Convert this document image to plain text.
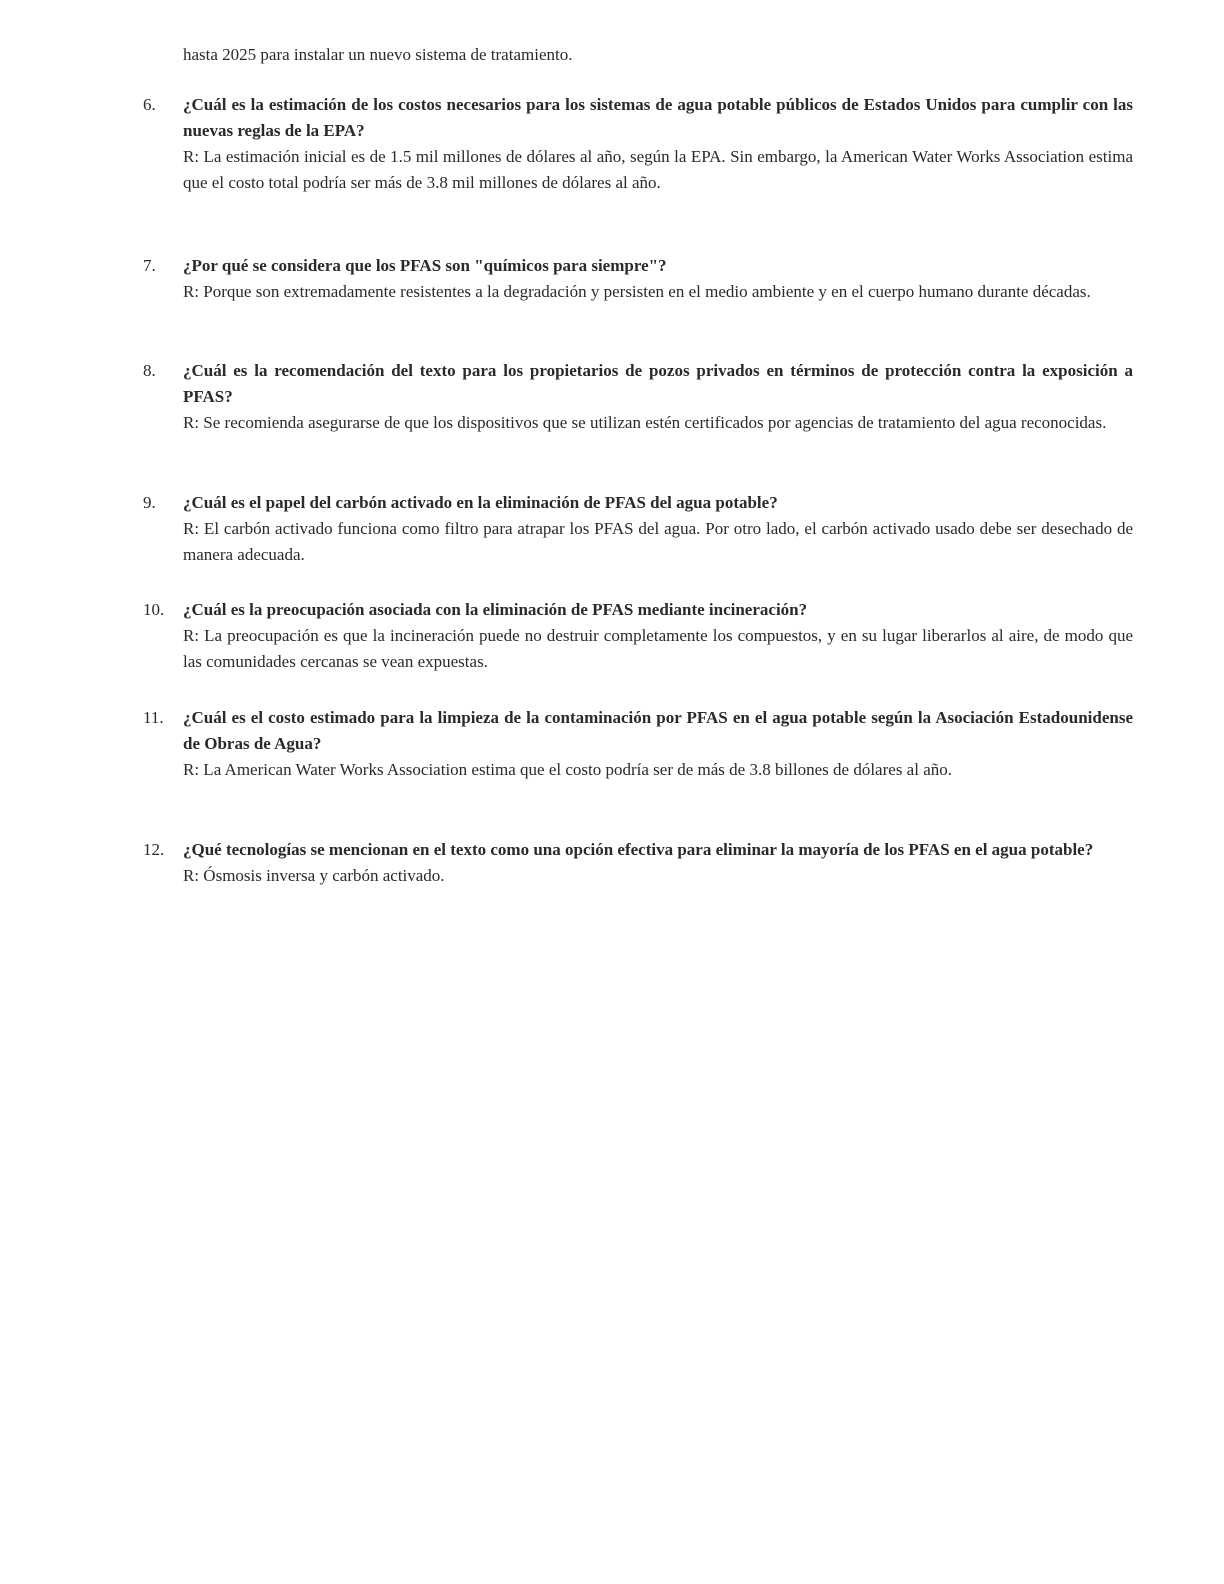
hasta 2025 para instalar un nuevo sistema de tratamiento.
6.	¿Cuál es la estimación de los costos necesarios para los sistemas de agua potable públicos de Estados Unidos para cumplir con las nuevas reglas de la EPA?
R: La estimación inicial es de 1.5 mil millones de dólares al año, según la EPA. Sin embargo, la American Water Works Association estima que el costo total podría ser más de 3.8 mil millones de dólares al año.
7.	¿Por qué se considera que los PFAS son "químicos para siempre"?
R: Porque son extremadamente resistentes a la degradación y persisten en el medio ambiente y en el cuerpo humano durante décadas.
8.	¿Cuál es la recomendación del texto para los propietarios de pozos privados en términos de protección contra la exposición a PFAS?
R: Se recomienda asegurarse de que los dispositivos que se utilizan estén certificados por agencias de tratamiento del agua reconocidas.
9.	¿Cuál es el papel del carbón activado en la eliminación de PFAS del agua potable?
R: El carbón activado funciona como filtro para atrapar los PFAS del agua. Por otro lado, el carbón activado usado debe ser desechado de manera adecuada.
10.	¿Cuál es la preocupación asociada con la eliminación de PFAS mediante incineración?
R: La preocupación es que la incineración puede no destruir completamente los compuestos, y en su lugar liberarlos al aire, de modo que las comunidades cercanas se vean expuestas.
11.	¿Cuál es el costo estimado para la limpieza de la contaminación por PFAS en el agua potable según la Asociación Estadounidense de Obras de Agua?
R: La American Water Works Association estima que el costo podría ser de más de 3.8 billones de dólares al año.
12.	¿Qué tecnologías se mencionan en el texto como una opción efectiva para eliminar la mayoría de los PFAS en el agua potable?
R: Ósmosis inversa y carbón activado.
